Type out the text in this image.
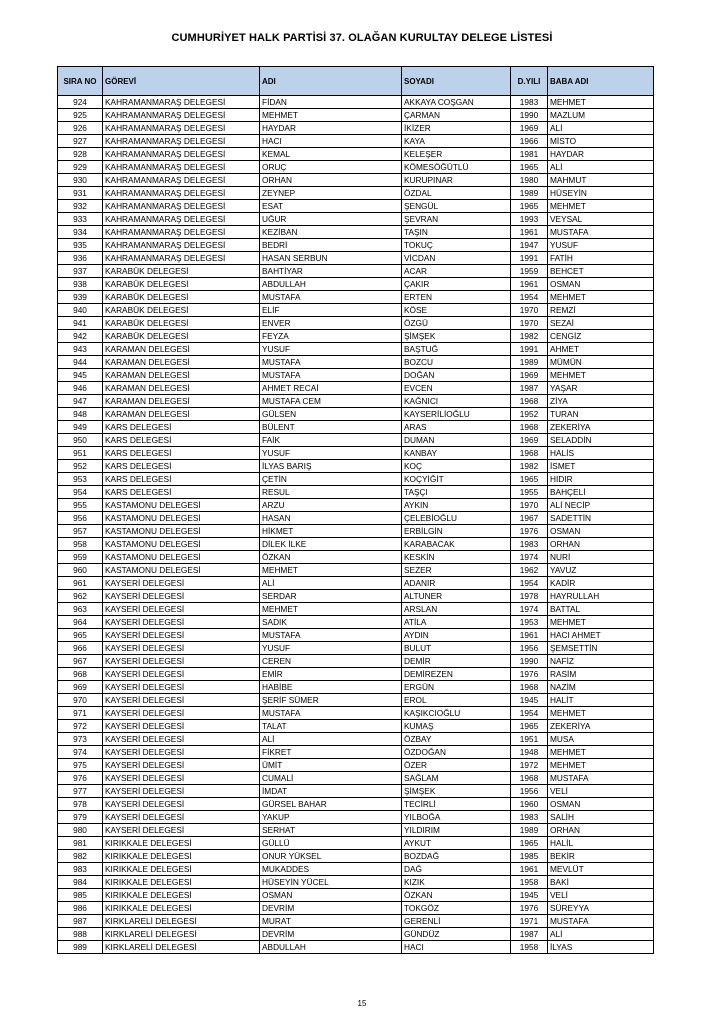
CUMHURİYET HALK PARTİSİ 37. OLAĞAN KURULTAY DELEGE LİSTESİ
SIRA NO	GÖREVİ	ADI	SOYADI	D.YILI	BABA ADI
924	KAHRAMANMARAŞ DELEGESİ	FİDAN	AKKAYA COŞGAN	1983	MEHMET
925	KAHRAMANMARAŞ DELEGESİ	MEHMET	ÇARMAN	1990	MAZLUM
926	KAHRAMANMARAŞ DELEGESİ	HAYDAR	İKİZER	1969	ALİ
927	KAHRAMANMARAŞ DELEGESİ	HACI	KAYA	1966	MİSTO
928	KAHRAMANMARAŞ DELEGESİ	KEMAL	KELEŞER	1981	HAYDAR
929	KAHRAMANMARAŞ DELEGESİ	ORUÇ	KÖMESÖĞÜTLÜ	1965	ALİ
930	KAHRAMANMARAŞ DELEGESİ	ORHAN	KURUPINAR	1980	MAHMUT
931	KAHRAMANMARAŞ DELEGESİ	ZEYNEP	ÖZDAL	1989	HÜSEYİN
932	KAHRAMANMARAŞ DELEGESİ	ESAT	ŞENGÜL	1965	MEHMET
933	KAHRAMANMARAŞ DELEGESİ	UĞUR	ŞEVRAN	1993	VEYSAL
934	KAHRAMANMARAŞ DELEGESİ	KEZİBAN	TAŞIN	1961	MUSTAFA
935	KAHRAMANMARAŞ DELEGESİ	BEDRİ	TOKUÇ	1947	YUSUF
936	KAHRAMANMARAŞ DELEGESİ	HASAN SERBUN	VİCDAN	1991	FATİH
937	KARABÜK DELEGESİ	BAHTİYAR	ACAR	1959	BEHCET
938	KARABÜK DELEGESİ	ABDULLAH	ÇAKIR	1961	OSMAN
939	KARABÜK DELEGESİ	MUSTAFA	ERTEN	1954	MEHMET
940	KARABÜK DELEGESİ	ELİF	KÖSE	1970	REMZİ
941	KARABÜK DELEGESİ	ENVER	ÖZGÜ	1970	SEZAİ
942	KARABÜK DELEGESİ	FEYZA	ŞİMŞEK	1982	CENGİZ
943	KARAMAN DELEGESİ	YUSUF	BAŞTUĞ	1991	AHMET
944	KARAMAN DELEGESİ	MUSTAFA	BOZCU	1989	MÜMÜN
945	KARAMAN DELEGESİ	MUSTAFA	DOĞAN	1969	MEHMET
946	KARAMAN DELEGESİ	AHMET RECAİ	EVCEN	1987	YAŞAR
947	KARAMAN DELEGESİ	MUSTAFA CEM	KAĞNICI	1968	ZİYA
948	KARAMAN DELEGESİ	GÜLSEN	KAYSERİLİOĞLU	1952	TURAN
949	KARS DELEGESİ	BÜLENT	ARAS	1968	ZEKERİYA
950	KARS DELEGESİ	FAİK	DUMAN	1969	SELADDİN
951	KARS DELEGESİ	YUSUF	KANBAY	1968	HALİS
952	KARS DELEGESİ	İLYAS BARIŞ	KOÇ	1982	İSMET
953	KARS DELEGESİ	ÇETİN	KOÇYİĞİT	1965	HIDIR
954	KARS DELEGESİ	RESUL	TAŞÇI	1955	BAHÇELİ
955	KASTAMONU DELEGESİ	ARZU	AYKIN	1970	ALİ NECİP
956	KASTAMONU DELEGESİ	HASAN	ÇELEBİOĞLU	1967	SADETTİN
957	KASTAMONU DELEGESİ	HİKMET	ERBİLGİN	1976	OSMAN
958	KASTAMONU DELEGESİ	DİLEK İLKE	KARABACAK	1983	ORHAN
959	KASTAMONU DELEGESİ	ÖZKAN	KESKİN	1974	NURİ
960	KASTAMONU DELEGESİ	MEHMET	SEZER	1962	YAVUZ
961	KAYSERİ DELEGESİ	ALİ	ADANIR	1954	KADİR
962	KAYSERİ DELEGESİ	SERDAR	ALTUNER	1978	HAYRULLAH
963	KAYSERİ DELEGESİ	MEHMET	ARSLAN	1974	BATTAL
964	KAYSERİ DELEGESİ	SADIK	ATİLA	1953	MEHMET
965	KAYSERİ DELEGESİ	MUSTAFA	AYDIN	1961	HACI AHMET
966	KAYSERİ DELEGESİ	YUSUF	BULUT	1956	ŞEMSETTİN
967	KAYSERİ DELEGESİ	CEREN	DEMİR	1990	NAFİZ
968	KAYSERİ DELEGESİ	EMİR	DEMİREZEN	1976	RASİM
969	KAYSERİ DELEGESİ	HABİBE	ERGÜN	1968	NAZİM
970	KAYSERİ DELEGESİ	ŞERİF SÜMER	EROL	1945	HALİT
971	KAYSERİ DELEGESİ	MUSTAFA	KAŞIKCIOĞLU	1954	MEHMET
972	KAYSERİ DELEGESİ	TALAT	KUMAŞ	1965	ZEKERİYA
973	KAYSERİ DELEGESİ	ALİ	ÖZBAY	1951	MUSA
974	KAYSERİ DELEGESİ	FİKRET	ÖZDOĞAN	1948	MEHMET
975	KAYSERİ DELEGESİ	ÜMİT	ÖZER	1972	MEHMET
976	KAYSERİ DELEGESİ	CUMALİ	SAĞLAM	1968	MUSTAFA
977	KAYSERİ DELEGESİ	İMDAT	ŞİMŞEK	1956	VELİ
978	KAYSERİ DELEGESİ	GÜRSEL BAHAR	TECİRLİ	1960	OSMAN
979	KAYSERİ DELEGESİ	YAKUP	YILBOĞA	1983	SALİH
980	KAYSERİ DELEGESİ	SERHAT	YILDIRIM	1989	ORHAN
981	KIRIKKALE DELEGESİ	GÜLLÜ	AYKUT	1965	HALİL
982	KIRIKKALE DELEGESİ	ONUR YÜKSEL	BOZDAĞ	1985	BEKİR
983	KIRIKKALE DELEGESİ	MUKADDES	DAĞ	1961	MEVLÜT
984	KIRIKKALE DELEGESİ	HÜSEYİN YÜCEL	KIZIK	1958	BAKİ
985	KIRIKKALE DELEGESİ	OSMAN	ÖZKAN	1945	VELİ
986	KIRIKKALE DELEGESİ	DEVRİM	TOKGÖZ	1976	SÜREYYA
987	KIRKLARELİ DELEGESİ	MURAT	GERENLİ	1971	MUSTAFA
988	KIRKLARELİ DELEGESİ	DEVRİM	GÜNDÜZ	1987	ALİ
989	KIRKLARELİ DELEGESİ	ABDULLAH	HACI	1958	İLYAS
15
